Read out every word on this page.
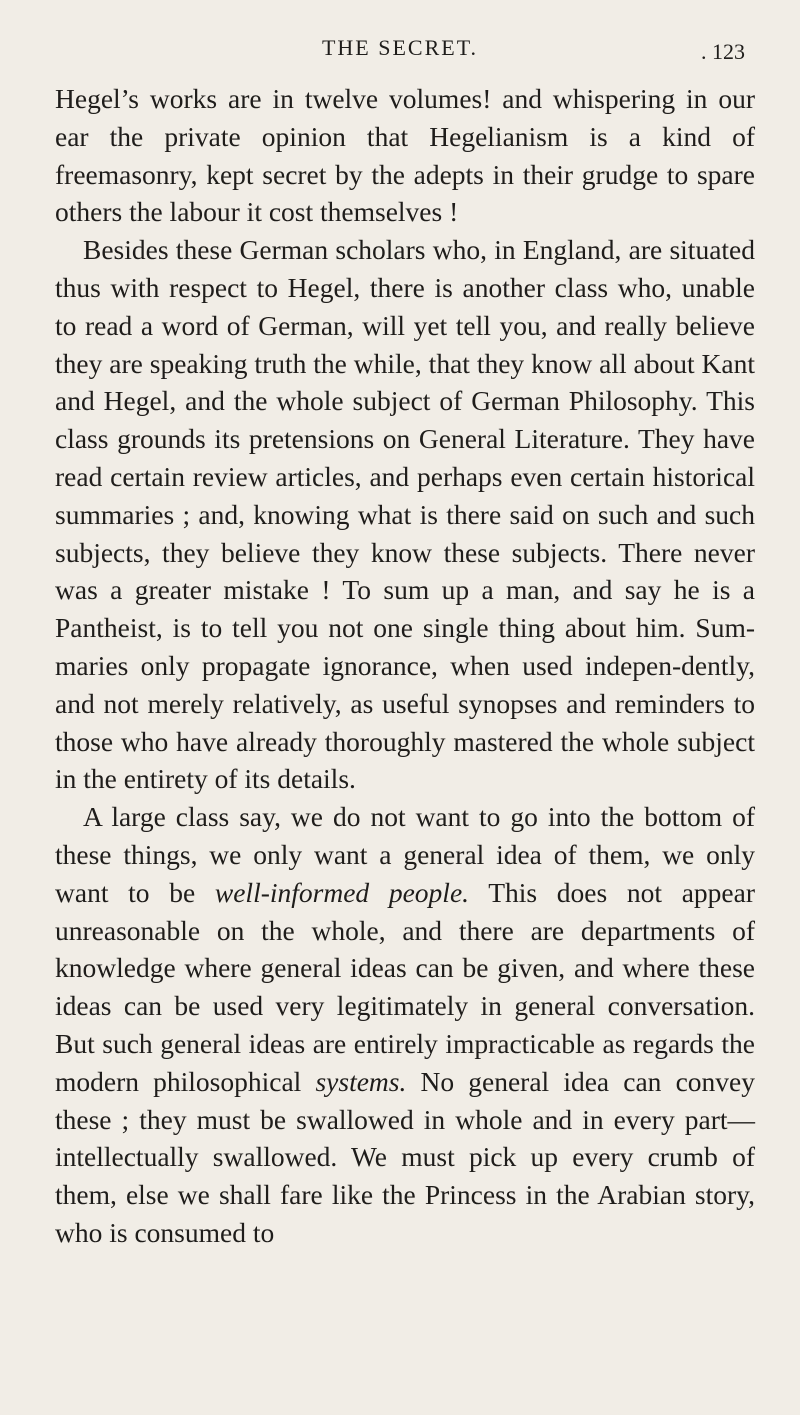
THE SECRET.	. 123

Hegel’s works are in twelve volumes! and whispering in our ear the private opinion that Hegelianism is a kind of freemasonry, kept secret by the adepts in their grudge to spare others the labour it cost themselves !

Besides these German scholars who, in England, are situated thus with respect to Hegel, there is another class who, unable to read a word of German, will yet tell you, and really believe they are speaking truth the while, that they know all about Kant and Hegel, and the whole subject of German Philosophy. This class grounds its pretensions on General Literature. They have read certain review articles, and perhaps even certain historical summaries ; and, knowing what is there said on such and such subjects, they believe they know these subjects. There never was a greater mistake ! To sum up a man, and say he is a Pantheist, is to tell you not one single thing about him. Sum-maries only propagate ignorance, when used indepen-dently, and not merely relatively, as useful synopses and reminders to those who have already thoroughly mastered the whole subject in the entirety of its details.

A large class say, we do not want to go into the bottom of these things, we only want a general idea of them, we only want to be well-informed people. This does not appear unreasonable on the whole, and there are departments of knowledge where general ideas can be given, and where these ideas can be used very legitimately in general conversation. But such general ideas are entirely impracticable as regards the modern philosophical systems. No general idea can convey these ; they must be swallowed in whole and in every part—intellectually swallowed. We must pick up every crumb of them, else we shall fare like the Princess in the Arabian story, who is consumed to
